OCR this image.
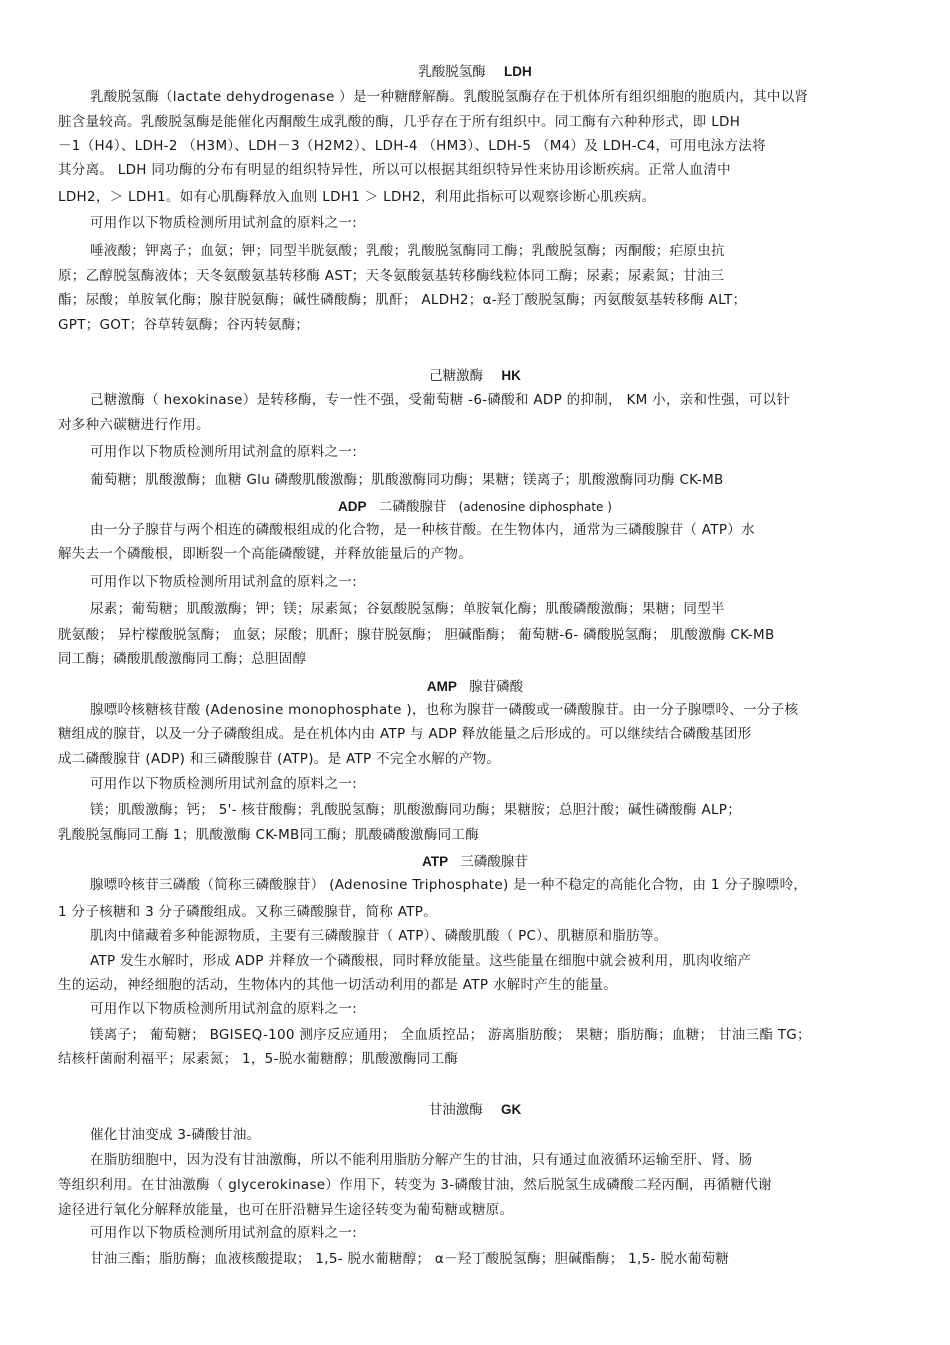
乳酸脱氢酶 LDH
乳酸脱氢酶（lactate dehydrogenase ）是一种糖酵解酶。乳酸脱氢酶存在于机体所有组织细胞的胞质内，其中以肾
脏含量较高。乳酸脱氢酶是能催化丙酮酸生成乳酸的酶，几乎存在于所有组织中。同工酶有六种种形式，即 LDH
－1（H4）、LDH-2 （H3M）、LDH－3（H2M2）、LDH-4 （HM3）、LDH-5 （M4）及 LDH-C4，可用电泳方法将
其分离。 LDH 同功酶的分布有明显的组织特异性，所以可以根据其组织特异性来协用诊断疾病。正常人血清中
LDH2，＞ LDH1。如有心肌酶释放入血则 LDH1 ＞ LDH2，利用此指标可以观察诊断心肌疾病。
可用作以下物质检测所用试剂盒的原料之一:
唾液酸；钾离子；血氨；钾；同型半胱氨酸；乳酸；乳酸脱氢酶同工酶；乳酸脱氢酶；丙酮酸；疟原虫抗
原；乙醇脱氢酶液体；天冬氨酸氨基转移酶 AST；天冬氨酸氨基转移酶线粒体同工酶；尿素；尿素氮；甘油三
酯；尿酸；单胺氧化酶；腺苷脱氨酶；碱性磷酸酶；肌酐； ALDH2；α-羟丁酸脱氢酶；丙氨酸氨基转移酶 ALT；
GPT；GOT；谷草转氨酶；谷丙转氨酶；
己糖激酶 HK
己糖激酶（ hexokinase）是转移酶，专一性不强，受葡萄糖 -6-磷酸和 ADP 的抑制， KM 小，亲和性强，可以针
对多种六碳糖进行作用。
可用作以下物质检测所用试剂盒的原料之一:
葡萄糖；肌酸激酶；血糖 Glu 磷酸肌酸激酶；肌酸激酶同功酶；果糖；镁离子；肌酸激酶同功酶 CK-MB
ADP 二磷酸腺苷 (adenosine diphosphate )
由一分子腺苷与两个相连的磷酸根组成的化合物，是一种核苷酸。在生物体内，通常为三磷酸腺苷（ ATP）水
解失去一个磷酸根，即断裂一个高能磷酸键，并释放能量后的产物。
可用作以下物质检测所用试剂盒的原料之一:
尿素；葡萄糖；肌酸激酶；钾；镁；尿素氮；谷氨酸脱氢酶；单胺氧化酶；肌酸磷酸激酶；果糖；同型半
胱氨酸； 异柠檬酸脱氢酶； 血氨；尿酸；肌酐；腺苷脱氨酶； 胆碱酯酶； 葡萄糖-6- 磷酸脱氢酶； 肌酸激酶 CK-MB
同工酶；磷酸肌酸激酶同工酶；总胆固醇
AMP 腺苷磷酸
腺嘌呤核糖核苷酸 (Adenosine monophosphate )，也称为腺苷一磷酸或一磷酸腺苷。由一分子腺嘌呤、一分子核
糖组成的腺苷，以及一分子磷酸组成。是在机体内由 ATP 与 ADP 释放能量之后形成的。可以继续结合磷酸基团形
成二磷酸腺苷 (ADP) 和三磷酸腺苷 (ATP)。是 ATP 不完全水解的产物。
可用作以下物质检测所用试剂盒的原料之一:
镁；肌酸激酶；钙； 5'- 核苷酸酶；乳酸脱氢酶；肌酸激酶同功酶；果糖胺；总胆汁酸；碱性磷酸酶 ALP；
乳酸脱氢酶同工酶 1；肌酸激酶 CK-MB同工酶；肌酸磷酸激酶同工酶
ATP 三磷酸腺苷
腺嘌呤核苷三磷酸（简称三磷酸腺苷） (Adenosine Triphosphate) 是一种不稳定的高能化合物，由 1 分子腺嘌呤，
1 分子核糖和 3 分子磷酸组成。又称三磷酸腺苷，简称 ATP。
肌肉中储藏着多种能源物质，主要有三磷酸腺苷（ ATP）、磷酸肌酸（ PC）、肌糖原和脂肪等。
ATP 发生水解时，形成 ADP 并释放一个磷酸根，同时释放能量。这些能量在细胞中就会被利用，肌肉收缩产
生的运动，神经细胞的活动，生物体内的其他一切活动利用的都是 ATP 水解时产生的能量。
可用作以下物质检测所用试剂盒的原料之一:
镁离子； 葡萄糖； BGISEQ-100 测序反应通用； 全血质控品； 游离脂肪酸； 果糖；脂肪酶；血糖； 甘油三酯 TG；
结核杆菌耐利福平；尿素氮； 1，5-脱水葡糖醇；肌酸激酶同工酶
甘油激酶 GK
催化甘油变成 3-磷酸甘油。
在脂肪细胞中，因为没有甘油激酶，所以不能利用脂肪分解产生的甘油，只有通过血液循环运输至肝、肾、肠
等组织利用。在甘油激酶（ glycerokinase）作用下，转变为 3-磷酸甘油，然后脱氢生成磷酸二羟丙酮，再循糖代谢
途径进行氧化分解释放能量，也可在肝沿糖异生途径转变为葡萄糖或糖原。
可用作以下物质检测所用试剂盒的原料之一:
甘油三酯；脂肪酶；血液核酸提取； 1,5- 脱水葡糖醇； α－羟丁酸脱氢酶；胆碱酯酶； 1,5- 脱水葡萄糖
